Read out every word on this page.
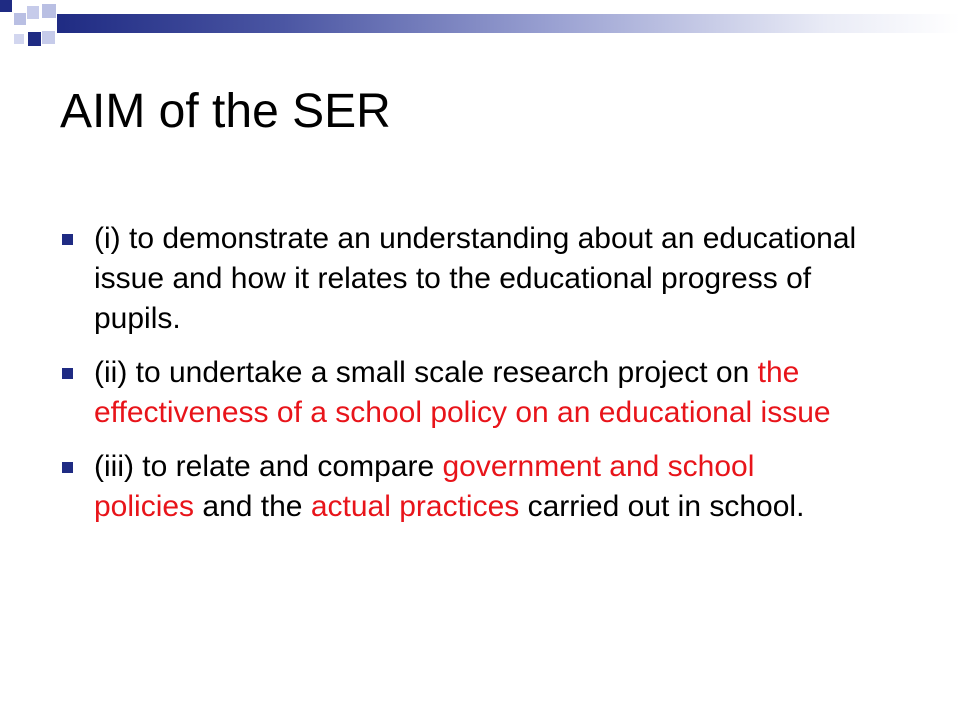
AIM of the SER
(i) to demonstrate an understanding about an educational issue and how it relates to the educational progress of pupils.
(ii) to undertake a small scale research project on the effectiveness of a school policy on an educational issue
(iii) to relate and compare government and school policies and the actual practices carried out in school.
